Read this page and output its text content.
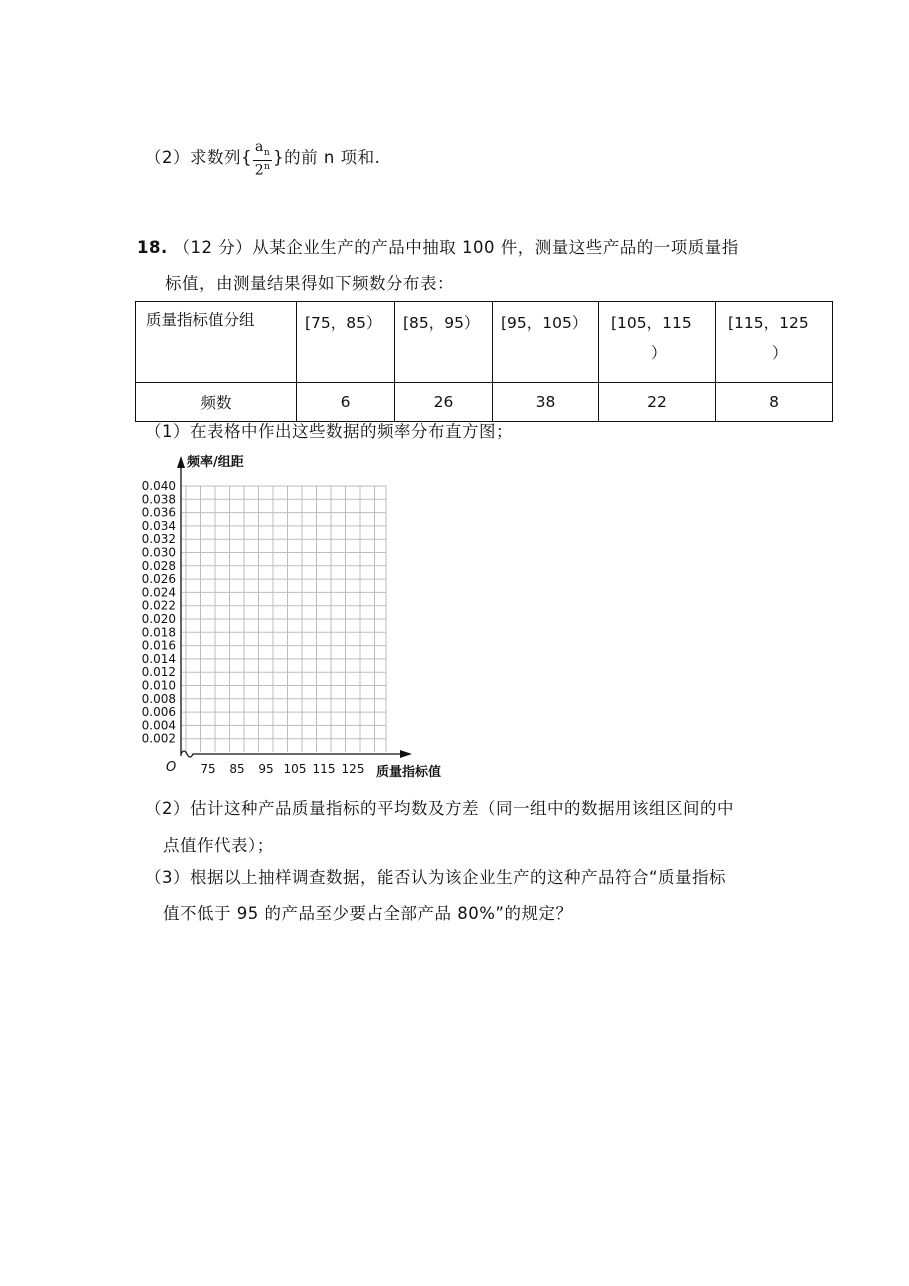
（2）求数列{ $\frac{a_n}{2^n}$ }的前 n 项和.
18. （12 分）从某企业生产的产品中抽取 100 件，测量这些产品的一项质量指
标值，由测量结果得如下频数分布表：
质量指标值分组	[75，85）	[85，95）	[95，105）	[105，115
）	[115，125
）
频数	6	26	38	22	8
（1）在表格中作出这些数据的频率分布直方图；
0.040
0.038
0.036
0.034
0.032
0.030
0.028
0.026
0.024
0.022
0.020
0.018
0.016
0.014
0.012
0.010
0.008
0.006
0.004
0.002
75 85 95 105 115 125
O
频率/组距
质量指标值
（2）估计这种产品质量指标的平均数及方差（同一组中的数据用该组区间的中
点值作代表）；
（3）根据以上抽样调查数据，能否认为该企业生产的这种产品符合“质量指标
值不低于 95 的产品至少要占全部产品 80%”的规定？
